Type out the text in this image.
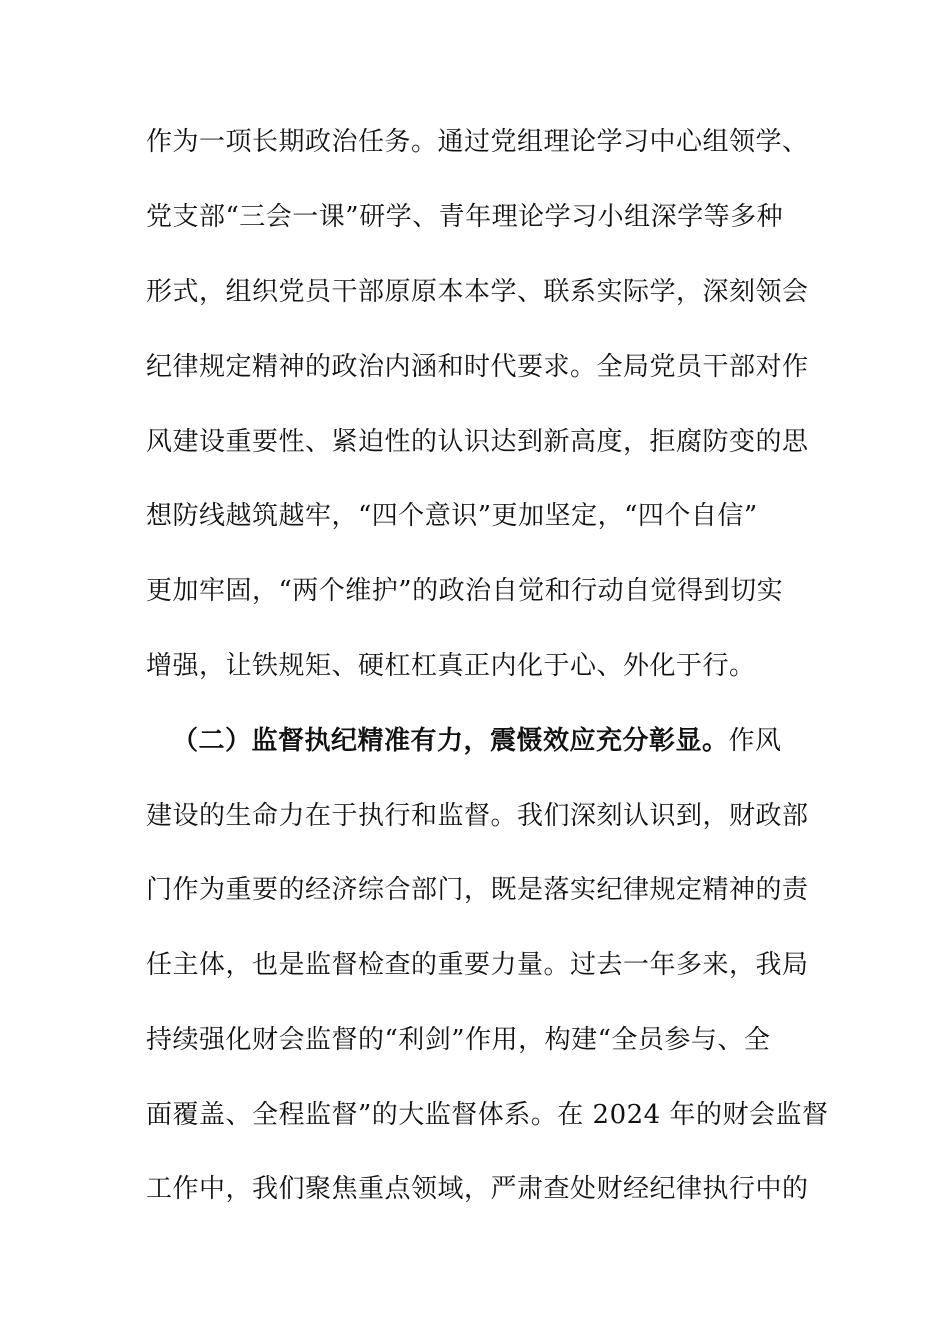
作为一项长期政治任务。通过党组理论学习中心组领学、
党支部“三会一课”研学、青年理论学习小组深学等多种
形式，组织党员干部原原本本学、联系实际学，深刻领会
纪律规定精神的政治内涵和时代要求。全局党员干部对作
风建设重要性、紧迫性的认识达到新高度，拒腐防变的思
想防线越筑越牢，“四个意识”更加坚定，“四个自信”
更加牢固，“两个维护”的政治自觉和行动自觉得到切实
增强，让铁规矩、硬杠杠真正内化于心、外化于行。
（二）监督执纪精准有力，震慑效应充分彰显。作风
建设的生命力在于执行和监督。我们深刻认识到，财政部
门作为重要的经济综合部门，既是落实纪律规定精神的责
任主体，也是监督检查的重要力量。过去一年多来，我局
持续强化财会监督的“利剑”作用，构建“全员参与、全
面覆盖、全程监督”的大监督体系。在 2024 年的财会监督
工作中，我们聚焦重点领域，严肃查处财经纪律执行中的
